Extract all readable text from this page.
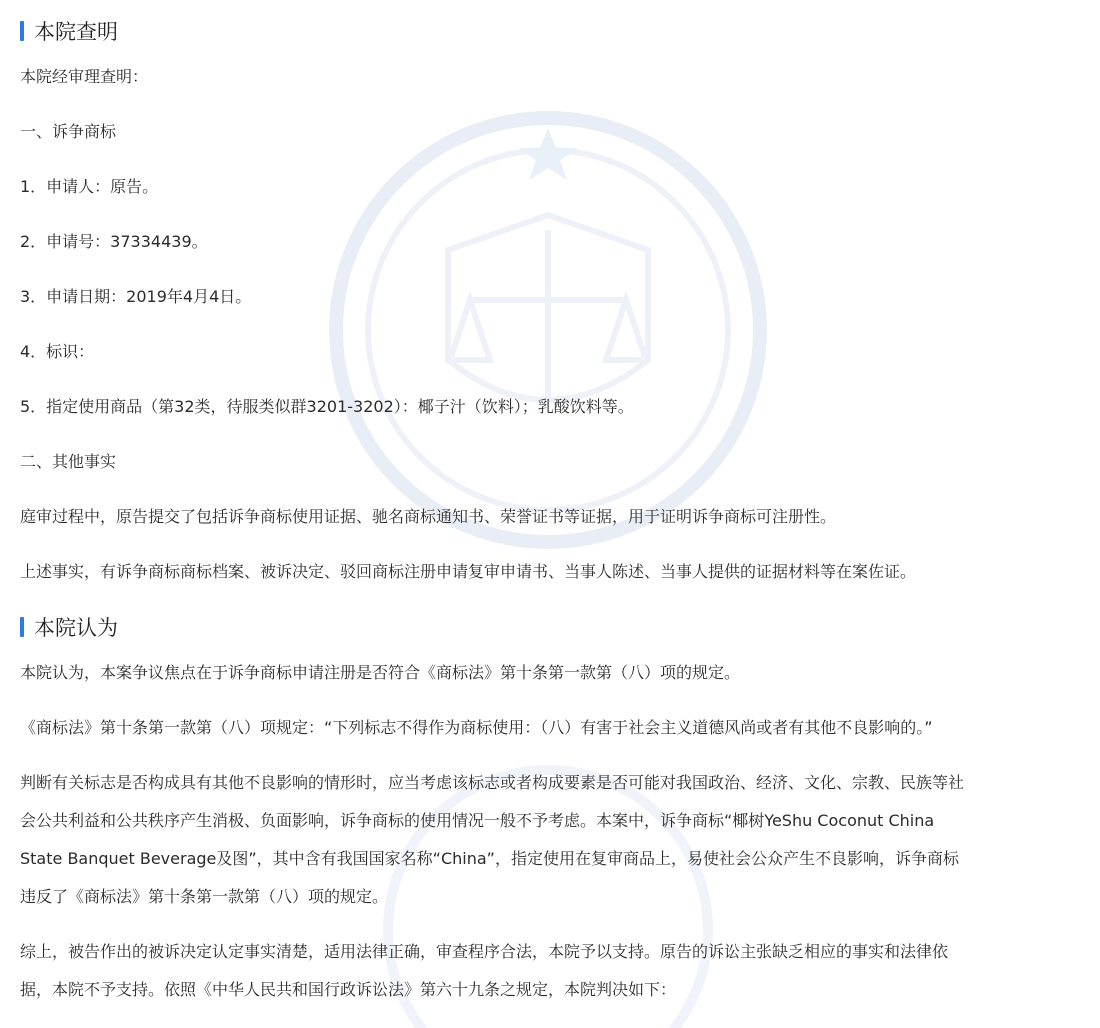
本院查明

本院经审理查明：

一、诉争商标

1．申请人：原告。

2．申请号：37334439。

3．申请日期：2019年4月4日。

4．标识：

5．指定使用商品（第32类，待服类似群3201-3202）：椰子汁（饮料）；乳酸饮料等。

二、其他事实

庭审过程中，原告提交了包括诉争商标使用证据、驰名商标通知书、荣誉证书等证据，用于证明诉争商标可注册性。

上述事实，有诉争商标商标档案、被诉决定、驳回商标注册申请复审申请书、当事人陈述、当事人提供的证据材料等在案佐证。

本院认为

本院认为，本案争议焦点在于诉争商标申请注册是否符合《商标法》第十条第一款第（八）项的规定。

《商标法》第十条第一款第（八）项规定：“下列标志不得作为商标使用：（八）有害于社会主义道德风尚或者有其他不良影响的。”

判断有关标志是否构成具有其他不良影响的情形时，应当考虑该标志或者构成要素是否可能对我国政治、经济、文化、宗教、民族等社

会公共利益和公共秩序产生消极、负面影响，诉争商标的使用情况一般不予考虑。本案中，诉争商标“椰树YeShu Coconut China

State Banquet Beverage及图”，其中含有我国国家名称“China”，指定使用在复审商品上，易使社会公众产生不良影响，诉争商标

违反了《商标法》第十条第一款第（八）项的规定。

综上，被告作出的被诉决定认定事实清楚，适用法律正确，审查程序合法，本院予以支持。原告的诉讼主张缺乏相应的事实和法律依

据，本院不予支持。依照《中华人民共和国行政诉讼法》第六十九条之规定，本院判决如下：
